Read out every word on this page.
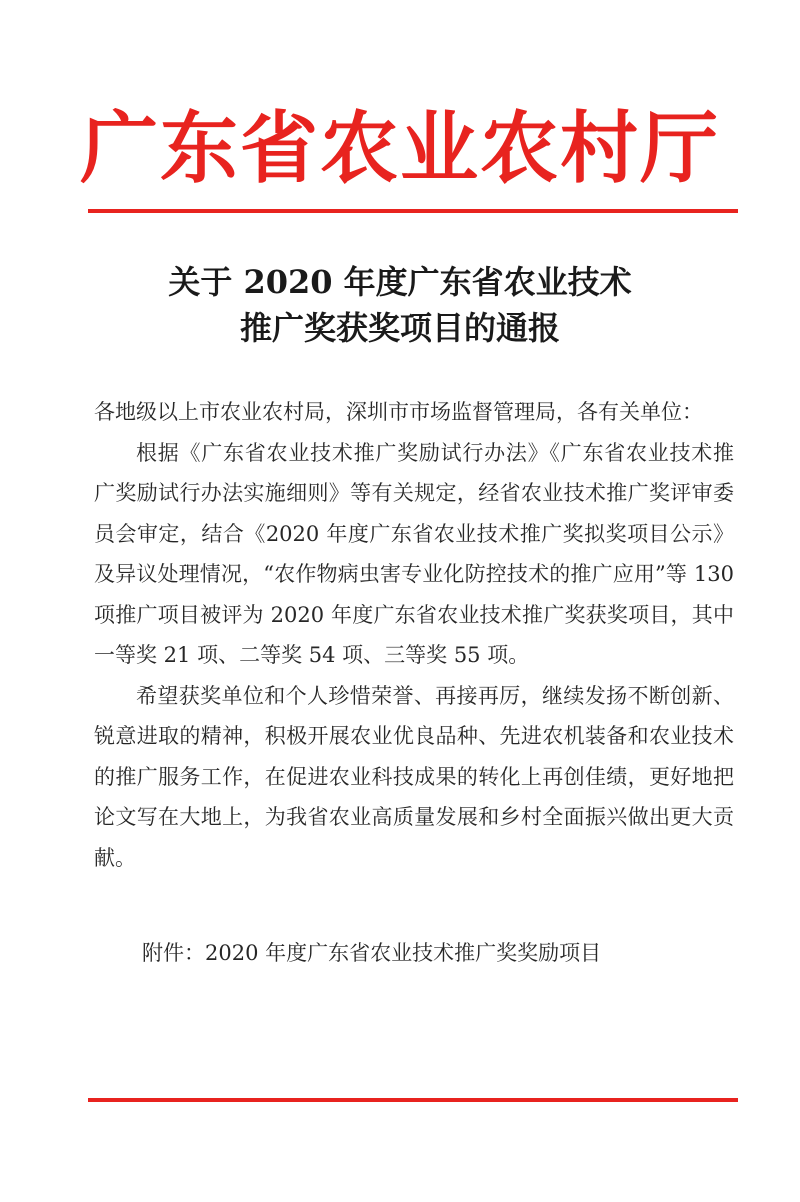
广东省农业农村厅
关于 2020 年度广东省农业技术
推广奖获奖项目的通报

各地级以上市农业农村局，深圳市市场监督管理局，各有关单位：

根据《广东省农业技术推广奖励试行办法》《广东省农业技术推广奖励试行办法实施细则》等有关规定，经省农业技术推广奖评审委员会审定，结合《2020 年度广东省农业技术推广奖拟奖项目公示》及异议处理情况，“农作物病虫害专业化防控技术的推广应用”等 130 项推广项目被评为 2020 年度广东省农业技术推广奖获奖项目，其中一等奖 21 项、二等奖 54 项、三等奖 55 项。

希望获奖单位和个人珍惜荣誉、再接再厉，继续发扬不断创新、锐意进取的精神，积极开展农业优良品种、先进农机装备和农业技术的推广服务工作，在促进农业科技成果的转化上再创佳绩，更好地把论文写在大地上，为我省农业高质量发展和乡村全面振兴做出更大贡献。

附件：2020 年度广东省农业技术推广奖奖励项目
